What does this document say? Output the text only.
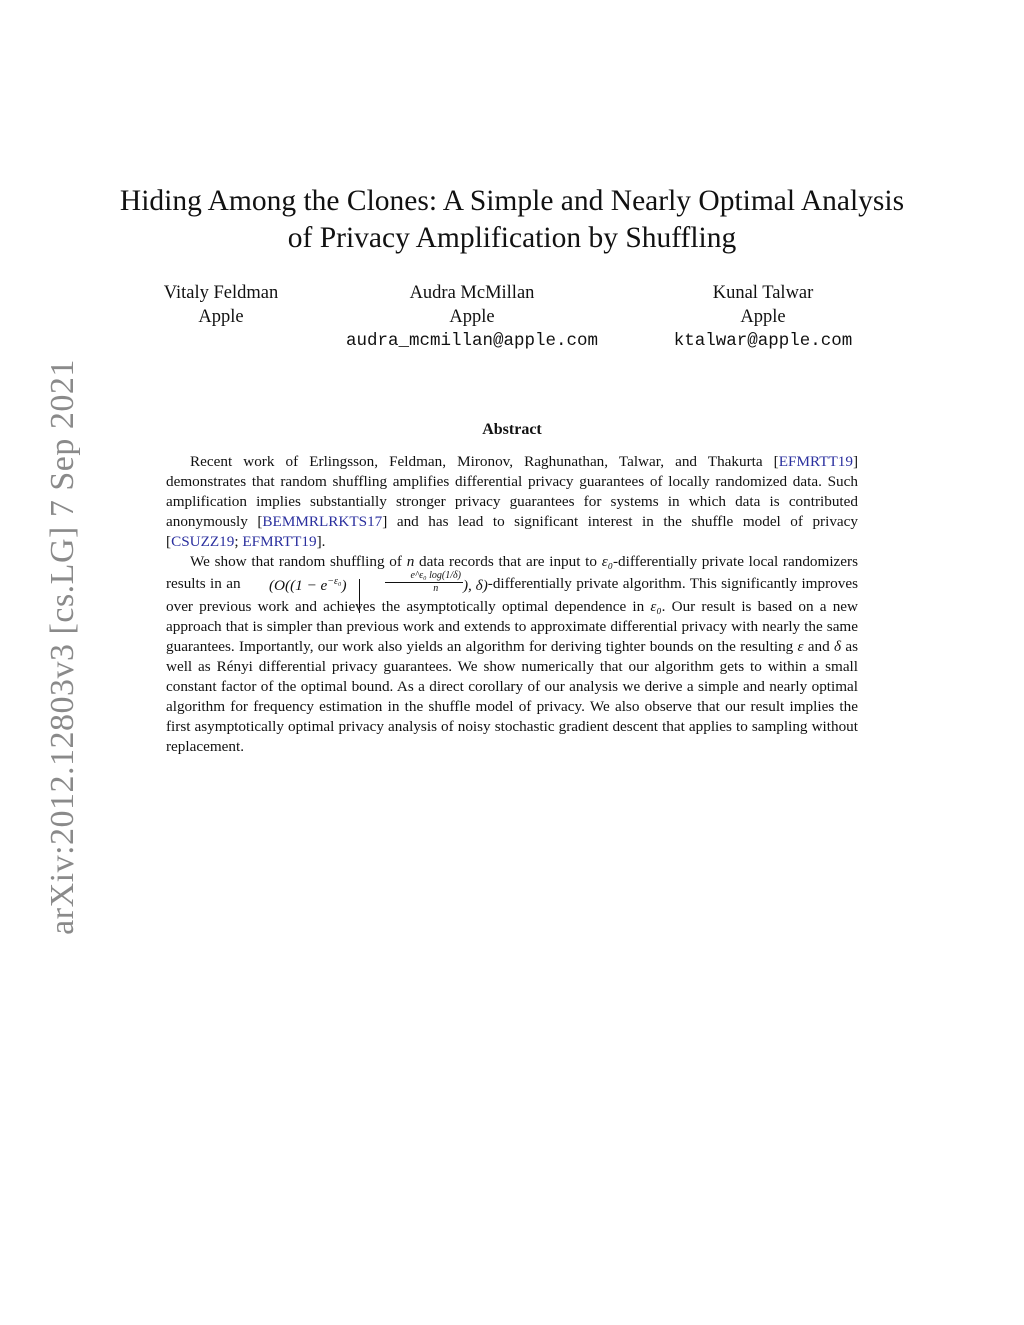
arXiv:2012.12803v3 [cs.LG] 7 Sep 2021
Hiding Among the Clones: A Simple and Nearly Optimal Analysis
of Privacy Amplification by Shuffling
Vitaly Feldman
Apple
Audra McMillan
Apple
audra_mcmillan@apple.com
Kunal Talwar
Apple
ktalwar@apple.com
Abstract

Recent work of Erlingsson, Feldman, Mironov, Raghunathan, Talwar, and Thakurta [EFMRTT19] demonstrates that random shuffling amplifies differential privacy guarantees of locally randomized data. Such amplification implies substantially stronger privacy guarantees for systems in which data is contributed anonymously [BEMMRLRKTS17] and has lead to significant interest in the shuffle model of privacy [CSUZZ19; EFMRTT19].

We show that random shuffling of n data records that are input to ε₀-differentially private local randomizers results in an ($O((1 - e^{-\varepsilon_0})$	$\frac{\text{e\textasciicircum{}ε₀ log(1/δ)}}{n}$ ), δ)-differentially private algorithm. This significantly improves over previous work and achieves the asymptotically optimal dependence in ε₀. Our result is based on a new approach that is simpler than previous work and extends to approximate differential privacy with nearly the same guarantees. Importantly, our work also yields an algorithm for deriving tighter bounds on the resulting ε and δ as well as Rényi differential privacy guarantees. We show numerically that our algorithm gets to within a small constant factor of the optimal bound. As a direct corollary of our analysis we derive a simple and nearly optimal algorithm for frequency estimation in the shuffle model of privacy. We also observe that our result implies the first asymptotically optimal privacy analysis of noisy stochastic gradient descent that applies to sampling without replacement.
